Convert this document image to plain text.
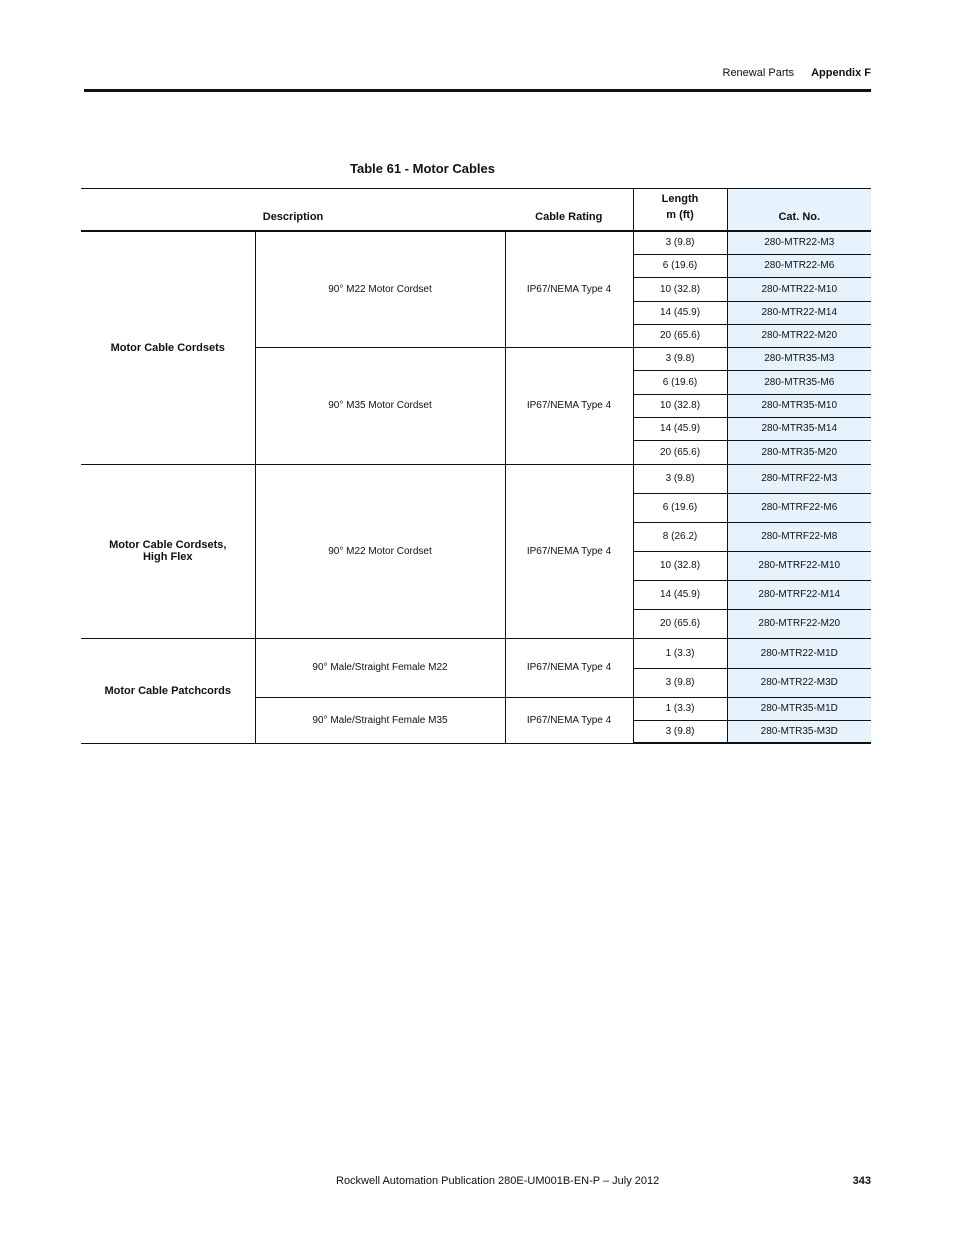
Renewal Parts Appendix F
Table 61 - Motor Cables
Description		Cable Rating	Length
m (ft)	Cat. No.
Motor Cable Cordsets	90° M22 Motor Cordset	IP67/NEMA Type 4	3 (9.8)	280-MTR22-M3
			6 (19.6)	280-MTR22-M6
			10 (32.8)	280-MTR22-M10
			14 (45.9)	280-MTR22-M14
			20 (65.6)	280-MTR22-M20
	90° M35 Motor Cordset	IP67/NEMA Type 4	3 (9.8)	280-MTR35-M3
			6 (19.6)	280-MTR35-M6
			10 (32.8)	280-MTR35-M10
			14 (45.9)	280-MTR35-M14
			20 (65.6)	280-MTR35-M20
Motor Cable Cordsets,
High Flex	90° M22 Motor Cordset	IP67/NEMA Type 4	3 (9.8)	280-MTRF22-M3
			6 (19.6)	280-MTRF22-M6
			8 (26.2)	280-MTRF22-M8
			10 (32.8)	280-MTRF22-M10
			14 (45.9)	280-MTRF22-M14
			20 (65.6)	280-MTRF22-M20
Motor Cable Patchcords	90° Male/Straight Female M22	IP67/NEMA Type 4	1 (3.3)	280-MTR22-M1D
			3 (9.8)	280-MTR22-M3D
	90° Male/Straight Female M35	IP67/NEMA Type 4	1 (3.3)	280-MTR35-M1D
			3 (9.8)	280-MTR35-M3D
Rockwell Automation Publication 280E-UM001B-EN-P – July 2012	343
